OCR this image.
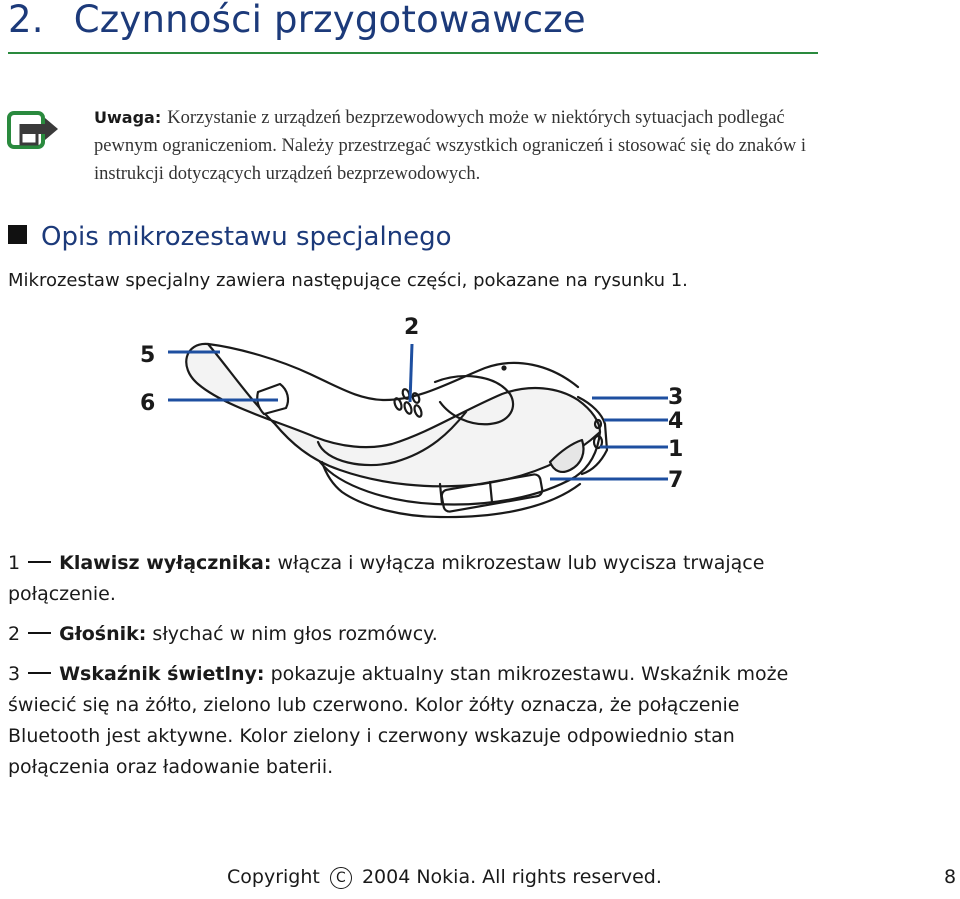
2. Czynności przygotowawcze

Uwaga: Korzystanie z urządzeń bezprzewodowych może w niektórych sytuacjach podlegać pewnym ograniczeniom. Należy przestrzegać wszystkich ograniczeń i stosować się do znaków i instrukcji dotyczących urządzeń bezprzewodowych.

Opis mikrozestawu specjalnego

Mikrozestaw specjalny zawiera następujące części, pokazane na rysunku 1.

5
6
2
3
4
1
7

1 Klawisz wyłącznika: włącza i wyłącza mikrozestaw lub wycisza trwające połączenie.

2 Głośnik: słychać w nim głos rozmówcy.

3 Wskaźnik świetlny: pokazuje aktualny stan mikrozestawu. Wskaźnik może świecić się na żółto, zielono lub czerwono. Kolor żółty oznacza, że połączenie Bluetooth jest aktywne. Kolor zielony i czerwony wskazuje odpowiednio stan połączenia oraz ładowanie baterii.

Copyright C 2004 Nokia. All rights reserved.	8
